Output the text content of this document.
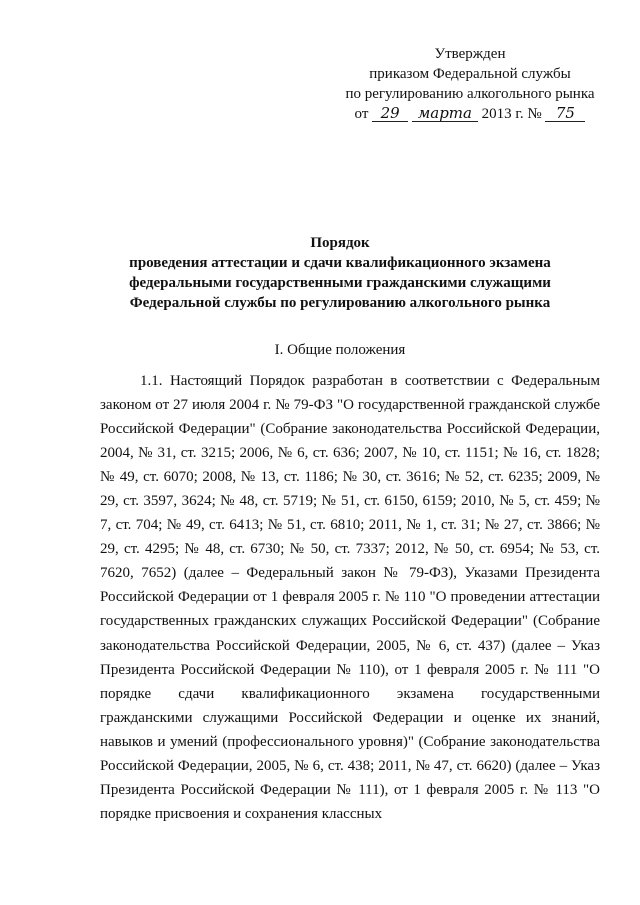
Утвержден
приказом Федеральной службы
по регулированию алкогольного рынка
от 29 марта 2013 г. № 75
Порядок
проведения аттестации и сдачи квалификационного экзамена
федеральными государственными гражданскими служащими
Федеральной службы по регулированию алкогольного рынка
I. Общие положения

1.1. Настоящий Порядок разработан в соответствии с Федеральным законом от 27 июля 2004 г. № 79-ФЗ "О государственной гражданской службе Российской Федерации" (Собрание законодательства Российской Федерации, 2004, № 31, ст. 3215; 2006, № 6, ст. 636; 2007, № 10, ст. 1151; № 16, ст. 1828; № 49, ст. 6070; 2008, № 13, ст. 1186; № 30, ст. 3616; № 52, ст. 6235; 2009, № 29, ст. 3597, 3624; № 48, ст. 5719; № 51, ст. 6150, 6159; 2010, № 5, ст. 459; № 7, ст. 704; № 49, ст. 6413; № 51, ст. 6810; 2011, № 1, ст. 31; № 27, ст. 3866; № 29, ст. 4295; № 48, ст. 6730; № 50, ст. 7337; 2012, № 50, ст. 6954; № 53, ст. 7620, 7652) (далее – Федеральный закон № 79-ФЗ), Указами Президента Российской Федерации от 1 февраля 2005 г. № 110 "О проведении аттестации государственных гражданских служащих Российской Федерации" (Собрание законодательства Российской Федерации, 2005, № 6, ст. 437) (далее – Указ Президента Российской Федерации № 110), от 1 февраля 2005 г. № 111 "О порядке сдачи квалификационного экзамена государственными гражданскими служащими Российской Федерации и оценке их знаний, навыков и умений (профессионального уровня)" (Собрание законодательства Российской Федерации, 2005, № 6, ст. 438; 2011, № 47, ст. 6620) (далее – Указ Президента Российской Федерации № 111), от 1 февраля 2005 г. № 113 "О порядке присвоения и сохранения классных
